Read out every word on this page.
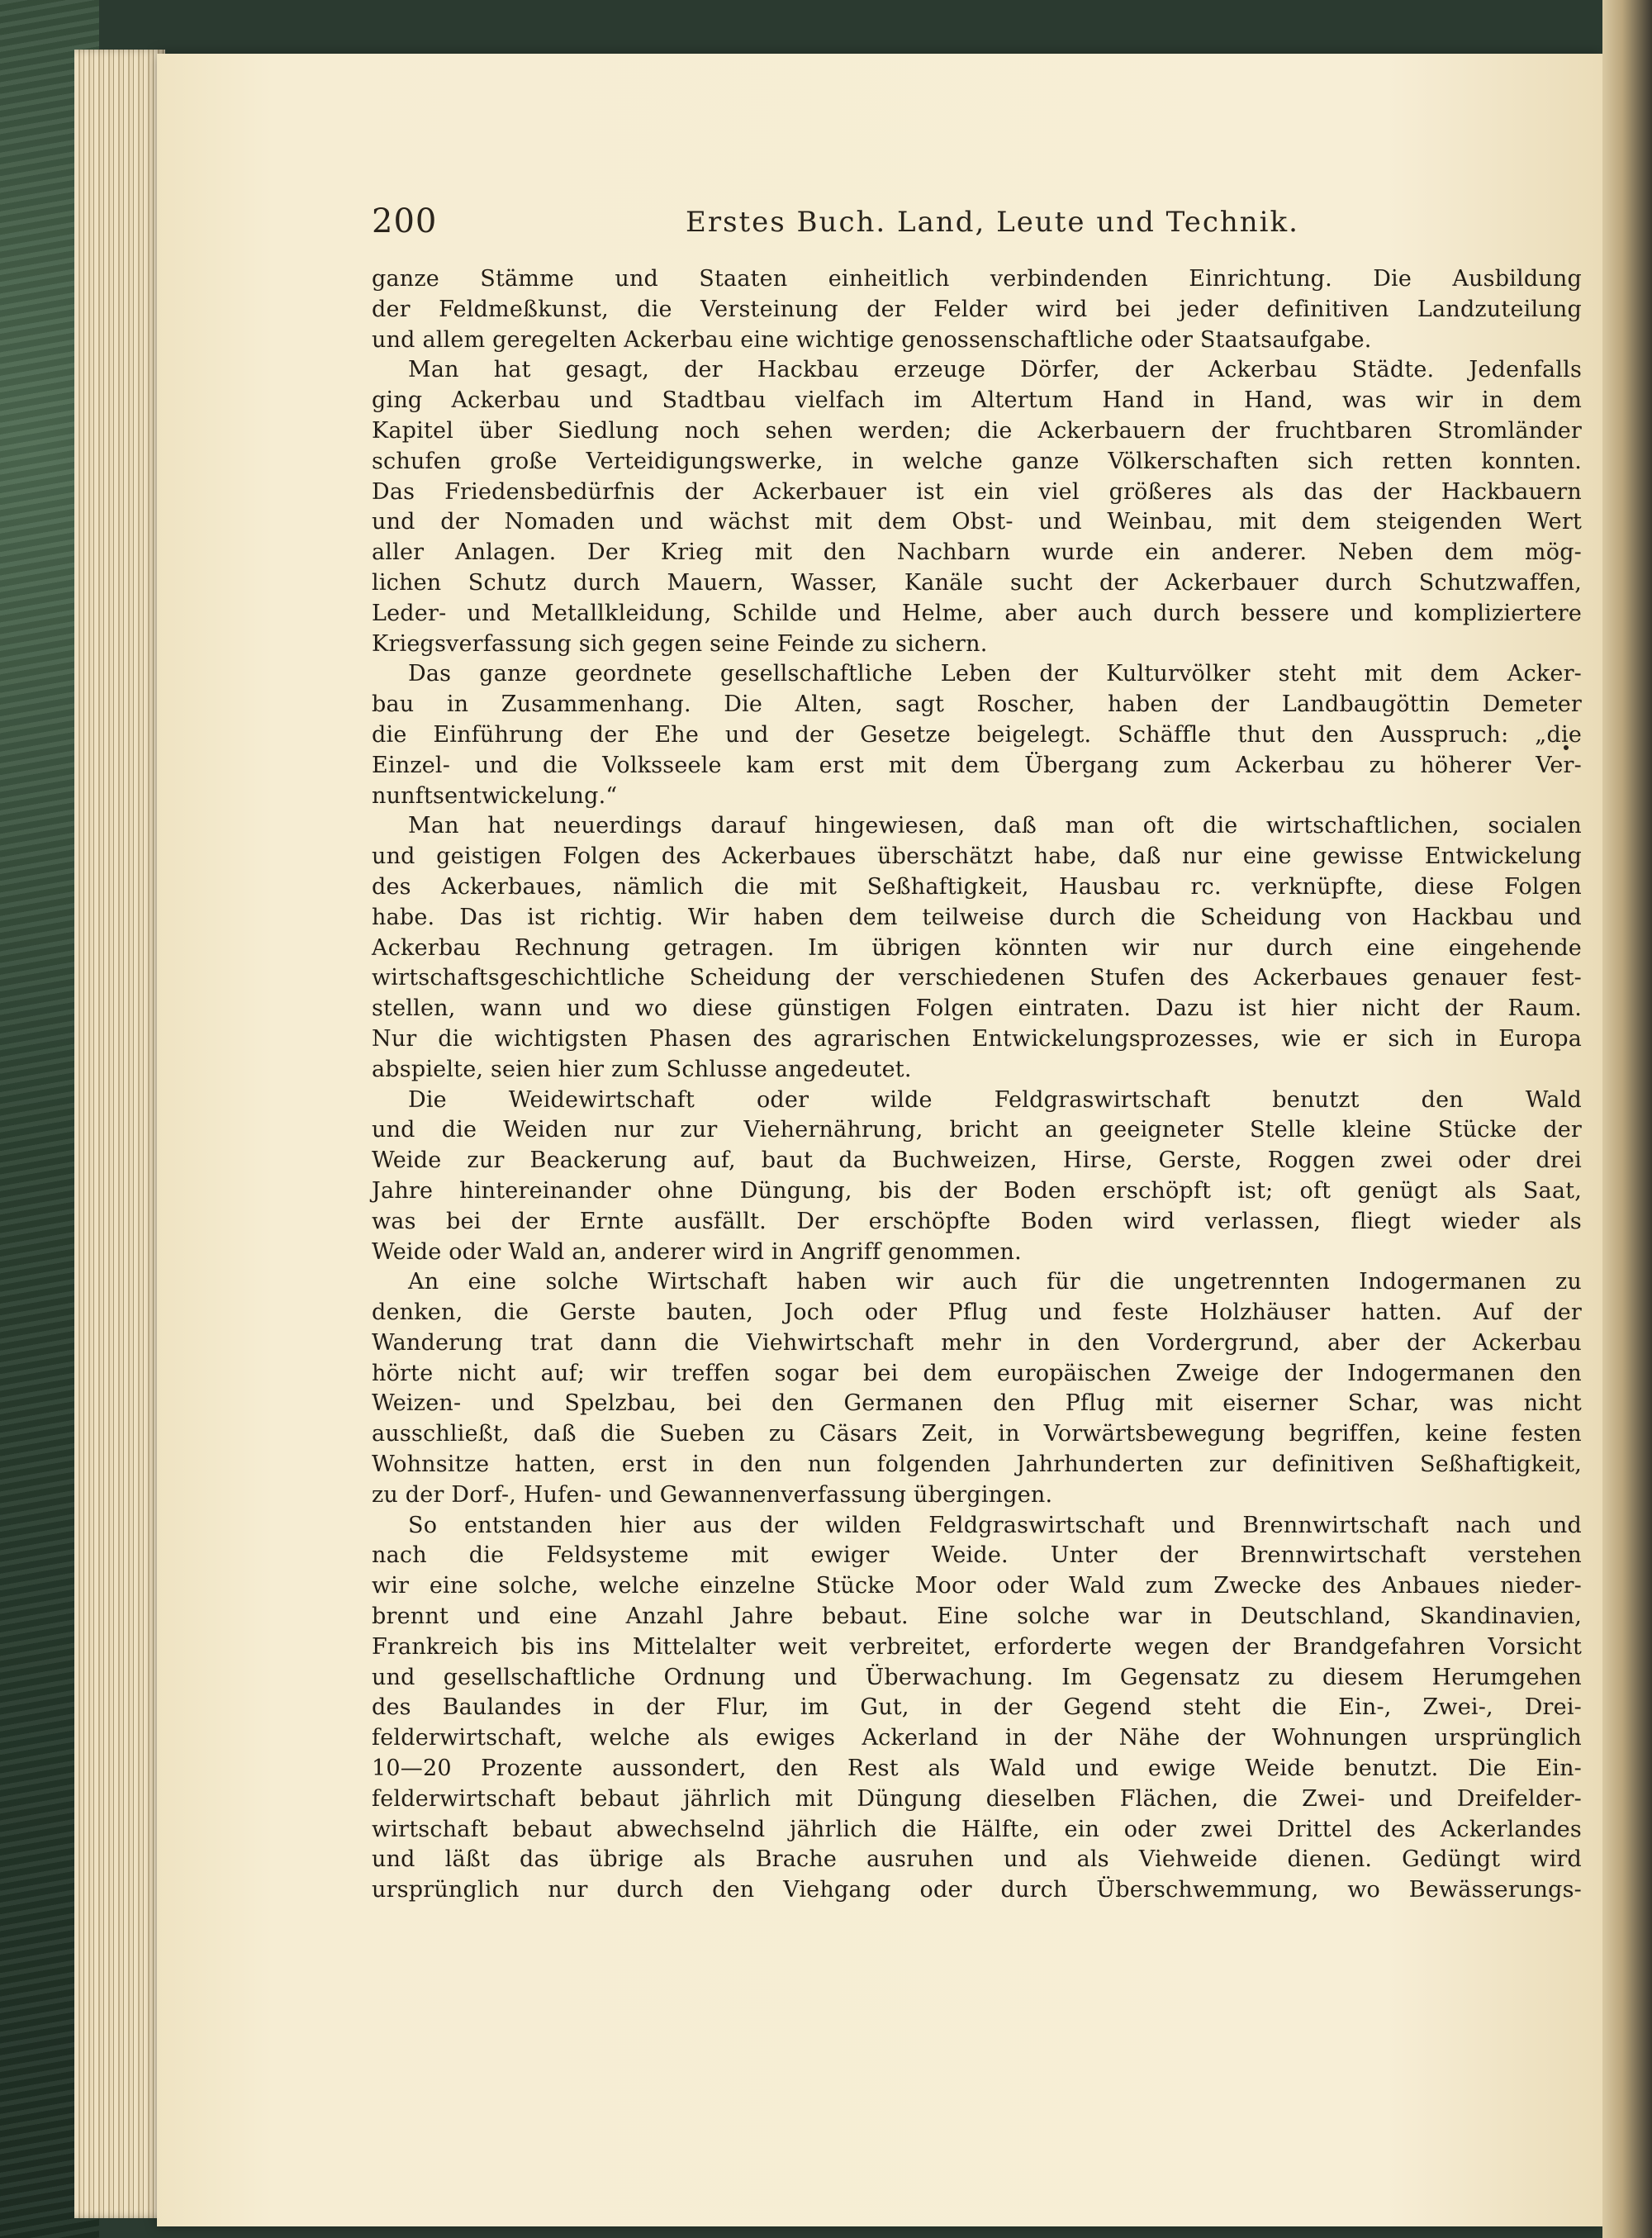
200	Erstes Buch. Land, Leute und Technik.
ganze Stämme und Staaten einheitlich verbindenden Einrichtung. Die Ausbildung
der Feldmeßkunst, die Versteinung der Felder wird bei jeder definitiven Landzuteilung
und allem geregelten Ackerbau eine wichtige genossenschaftliche oder Staatsaufgabe.
Man hat gesagt, der Hackbau erzeuge Dörfer, der Ackerbau Städte. Jedenfalls
ging Ackerbau und Stadtbau vielfach im Altertum Hand in Hand, was wir in dem
Kapitel über Siedlung noch sehen werden; die Ackerbauern der fruchtbaren Stromländer
schufen große Verteidigungswerke, in welche ganze Völkerschaften sich retten konnten.
Das Friedensbedürfnis der Ackerbauer ist ein viel größeres als das der Hackbauern
und der Nomaden und wächst mit dem Obst- und Weinbau, mit dem steigenden Wert
aller Anlagen. Der Krieg mit den Nachbarn wurde ein anderer. Neben dem mög-
lichen Schutz durch Mauern, Wasser, Kanäle sucht der Ackerbauer durch Schutzwaffen,
Leder- und Metallkleidung, Schilde und Helme, aber auch durch bessere und kompliziertere
Kriegsverfassung sich gegen seine Feinde zu sichern.
Das ganze geordnete gesellschaftliche Leben der Kulturvölker steht mit dem Acker-
bau in Zusammenhang. Die Alten, sagt Roscher, haben der Landbaugöttin Demeter
die Einführung der Ehe und der Gesetze beigelegt. Schäffle thut den Ausspruch: „die
Einzel- und die Volksseele kam erst mit dem Übergang zum Ackerbau zu höherer Ver-
nunftsentwickelung.“
Man hat neuerdings darauf hingewiesen, daß man oft die wirtschaftlichen, socialen
und geistigen Folgen des Ackerbaues überschätzt habe, daß nur eine gewisse Entwickelung
des Ackerbaues, nämlich die mit Seßhaftigkeit, Hausbau rc. verknüpfte, diese Folgen
habe. Das ist richtig. Wir haben dem teilweise durch die Scheidung von Hackbau und
Ackerbau Rechnung getragen. Im übrigen könnten wir nur durch eine eingehende
wirtschaftsgeschichtliche Scheidung der verschiedenen Stufen des Ackerbaues genauer fest-
stellen, wann und wo diese günstigen Folgen eintraten. Dazu ist hier nicht der Raum.
Nur die wichtigsten Phasen des agrarischen Entwickelungsprozesses, wie er sich in Europa
abspielte, seien hier zum Schlusse angedeutet.
Die Weidewirtschaft oder wilde Feldgraswirtschaft benutzt den Wald
und die Weiden nur zur Viehernährung, bricht an geeigneter Stelle kleine Stücke der
Weide zur Beackerung auf, baut da Buchweizen, Hirse, Gerste, Roggen zwei oder drei
Jahre hintereinander ohne Düngung, bis der Boden erschöpft ist; oft genügt als Saat,
was bei der Ernte ausfällt. Der erschöpfte Boden wird verlassen, fliegt wieder als
Weide oder Wald an, anderer wird in Angriff genommen.
An eine solche Wirtschaft haben wir auch für die ungetrennten Indogermanen zu
denken, die Gerste bauten, Joch oder Pflug und feste Holzhäuser hatten. Auf der
Wanderung trat dann die Viehwirtschaft mehr in den Vordergrund, aber der Ackerbau
hörte nicht auf; wir treffen sogar bei dem europäischen Zweige der Indogermanen den
Weizen- und Spelzbau, bei den Germanen den Pflug mit eiserner Schar, was nicht
ausschließt, daß die Sueben zu Cäsars Zeit, in Vorwärtsbewegung begriffen, keine festen
Wohnsitze hatten, erst in den nun folgenden Jahrhunderten zur definitiven Seßhaftigkeit,
zu der Dorf-, Hufen- und Gewannenverfassung übergingen.
So entstanden hier aus der wilden Feldgraswirtschaft und Brennwirtschaft nach und
nach die Feldsysteme mit ewiger Weide. Unter der Brennwirtschaft verstehen
wir eine solche, welche einzelne Stücke Moor oder Wald zum Zwecke des Anbaues nieder-
brennt und eine Anzahl Jahre bebaut. Eine solche war in Deutschland, Skandinavien,
Frankreich bis ins Mittelalter weit verbreitet, erforderte wegen der Brandgefahren Vorsicht
und gesellschaftliche Ordnung und Überwachung. Im Gegensatz zu diesem Herumgehen
des Baulandes in der Flur, im Gut, in der Gegend steht die Ein-, Zwei-, Drei-
felderwirtschaft, welche als ewiges Ackerland in der Nähe der Wohnungen ursprünglich
10—20 Prozente aussondert, den Rest als Wald und ewige Weide benutzt. Die Ein-
felderwirtschaft bebaut jährlich mit Düngung dieselben Flächen, die Zwei- und Dreifelder-
wirtschaft bebaut abwechselnd jährlich die Hälfte, ein oder zwei Drittel des Ackerlandes
und läßt das übrige als Brache ausruhen und als Viehweide dienen. Gedüngt wird
ursprünglich nur durch den Viehgang oder durch Überschwemmung, wo Bewässerungs-
